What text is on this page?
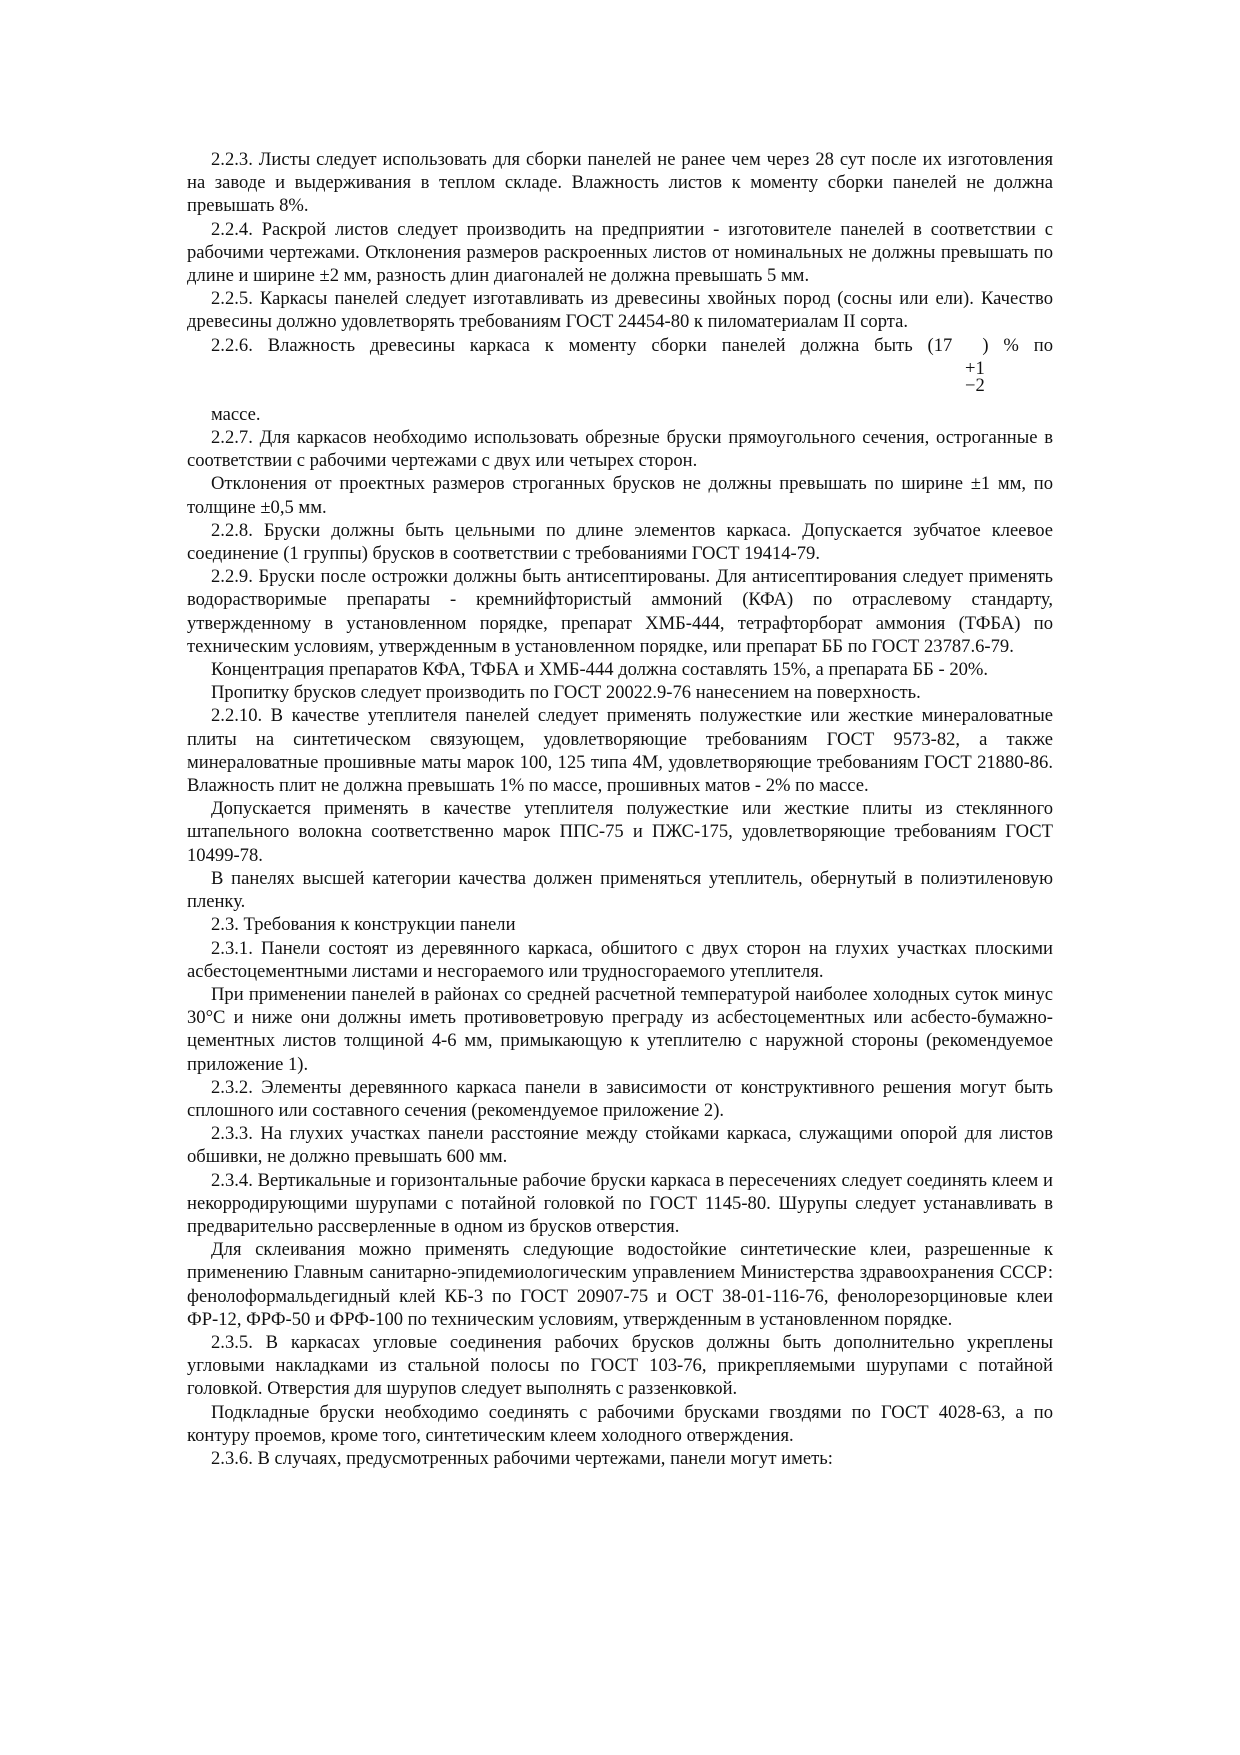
2.2.3. Листы следует использовать для сборки панелей не ранее чем через 28 сут после их изготовления на заводе и выдерживания в теплом складе. Влажность листов к моменту сборки панелей не должна превышать 8%.

2.2.4. Раскрой листов следует производить на предприятии - изготовителе панелей в соответствии с рабочими чертежами. Отклонения размеров раскроенных листов от номинальных не должны превышать по длине и ширине ±2 мм, разность длин диагоналей не должна превышать 5 мм.

2.2.5. Каркасы панелей следует изготавливать из древесины хвойных пород (сосны или ели). Качество древесины должно удовлетворять требованиям ГОСТ 24454-80 к пиломатериалам II сорта.

2.2.6. Влажность древесины каркаса к моменту сборки панелей должна быть (17 ) % по

+1
−2

массе.

2.2.7. Для каркасов необходимо использовать обрезные бруски прямоугольного сечения, остроганные в соответствии с рабочими чертежами с двух или четырех сторон.

Отклонения от проектных размеров строганных брусков не должны превышать по ширине ±1 мм, по толщине ±0,5 мм.

2.2.8. Бруски должны быть цельными по длине элементов каркаса. Допускается зубчатое клеевое соединение (1 группы) брусков в соответствии с требованиями ГОСТ 19414-79.

2.2.9. Бруски после острожки должны быть антисептированы. Для антисептирования следует применять водорастворимые препараты - кремнийфтористый аммоний (КФА) по отраслевому стандарту, утвержденному в установленном порядке, препарат ХМБ-444, тетрафторборат аммония (ТФБА) по техническим условиям, утвержденным в установленном порядке, или препарат ББ по ГОСТ 23787.6-79.

Концентрация препаратов КФА, ТФБА и ХМБ-444 должна составлять 15%, а препарата ББ - 20%.

Пропитку брусков следует производить по ГОСТ 20022.9-76 нанесением на поверхность.

2.2.10. В качестве утеплителя панелей следует применять полужесткие или жесткие минераловатные плиты на синтетическом связующем, удовлетворяющие требованиям ГОСТ 9573-82, а также минераловатные прошивные маты марок 100, 125 типа 4М, удовлетворяющие требованиям ГОСТ 21880-86. Влажность плит не должна превышать 1% по массе, прошивных матов - 2% по массе.

Допускается применять в качестве утеплителя полужесткие или жесткие плиты из стеклянного штапельного волокна соответственно марок ППС-75 и ПЖС-175, удовлетворяющие требованиям ГОСТ 10499-78.

В панелях высшей категории качества должен применяться утеплитель, обернутый в полиэтиленовую пленку.

2.3. Требования к конструкции панели

2.3.1. Панели состоят из деревянного каркаса, обшитого с двух сторон на глухих участках плоскими асбестоцементными листами и несгораемого или трудносгораемого утеплителя.

При применении панелей в районах со средней расчетной температурой наиболее холодных суток минус 30°С и ниже они должны иметь противоветровую преграду из асбестоцементных или асбесто-бумажно-цементных листов толщиной 4-6 мм, примыкающую к утеплителю с наружной стороны (рекомендуемое приложение 1).

2.3.2. Элементы деревянного каркаса панели в зависимости от конструктивного решения могут быть сплошного или составного сечения (рекомендуемое приложение 2).

2.3.3. На глухих участках панели расстояние между стойками каркаса, служащими опорой для листов обшивки, не должно превышать 600 мм.

2.3.4. Вертикальные и горизонтальные рабочие бруски каркаса в пересечениях следует соединять клеем и некорродирующими шурупами с потайной головкой по ГОСТ 1145-80. Шурупы следует устанавливать в предварительно рассверленные в одном из брусков отверстия.

Для склеивания можно применять следующие водостойкие синтетические клеи, разрешенные к применению Главным санитарно-эпидемиологическим управлением Министерства здравоохранения СССР: фенолоформальдегидный клей КБ-3 по ГОСТ 20907-75 и ОСТ 38-01-116-76, фенолорезорциновые клеи ФР-12, ФРФ-50 и ФРФ-100 по техническим условиям, утвержденным в установленном порядке.

2.3.5. В каркасах угловые соединения рабочих брусков должны быть дополнительно укреплены угловыми накладками из стальной полосы по ГОСТ 103-76, прикрепляемыми шурупами с потайной головкой. Отверстия для шурупов следует выполнять с раззенковкой.

Подкладные бруски необходимо соединять с рабочими брусками гвоздями по ГОСТ 4028-63, а по контуру проемов, кроме того, синтетическим клеем холодного отверждения.

2.3.6. В случаях, предусмотренных рабочими чертежами, панели могут иметь:
